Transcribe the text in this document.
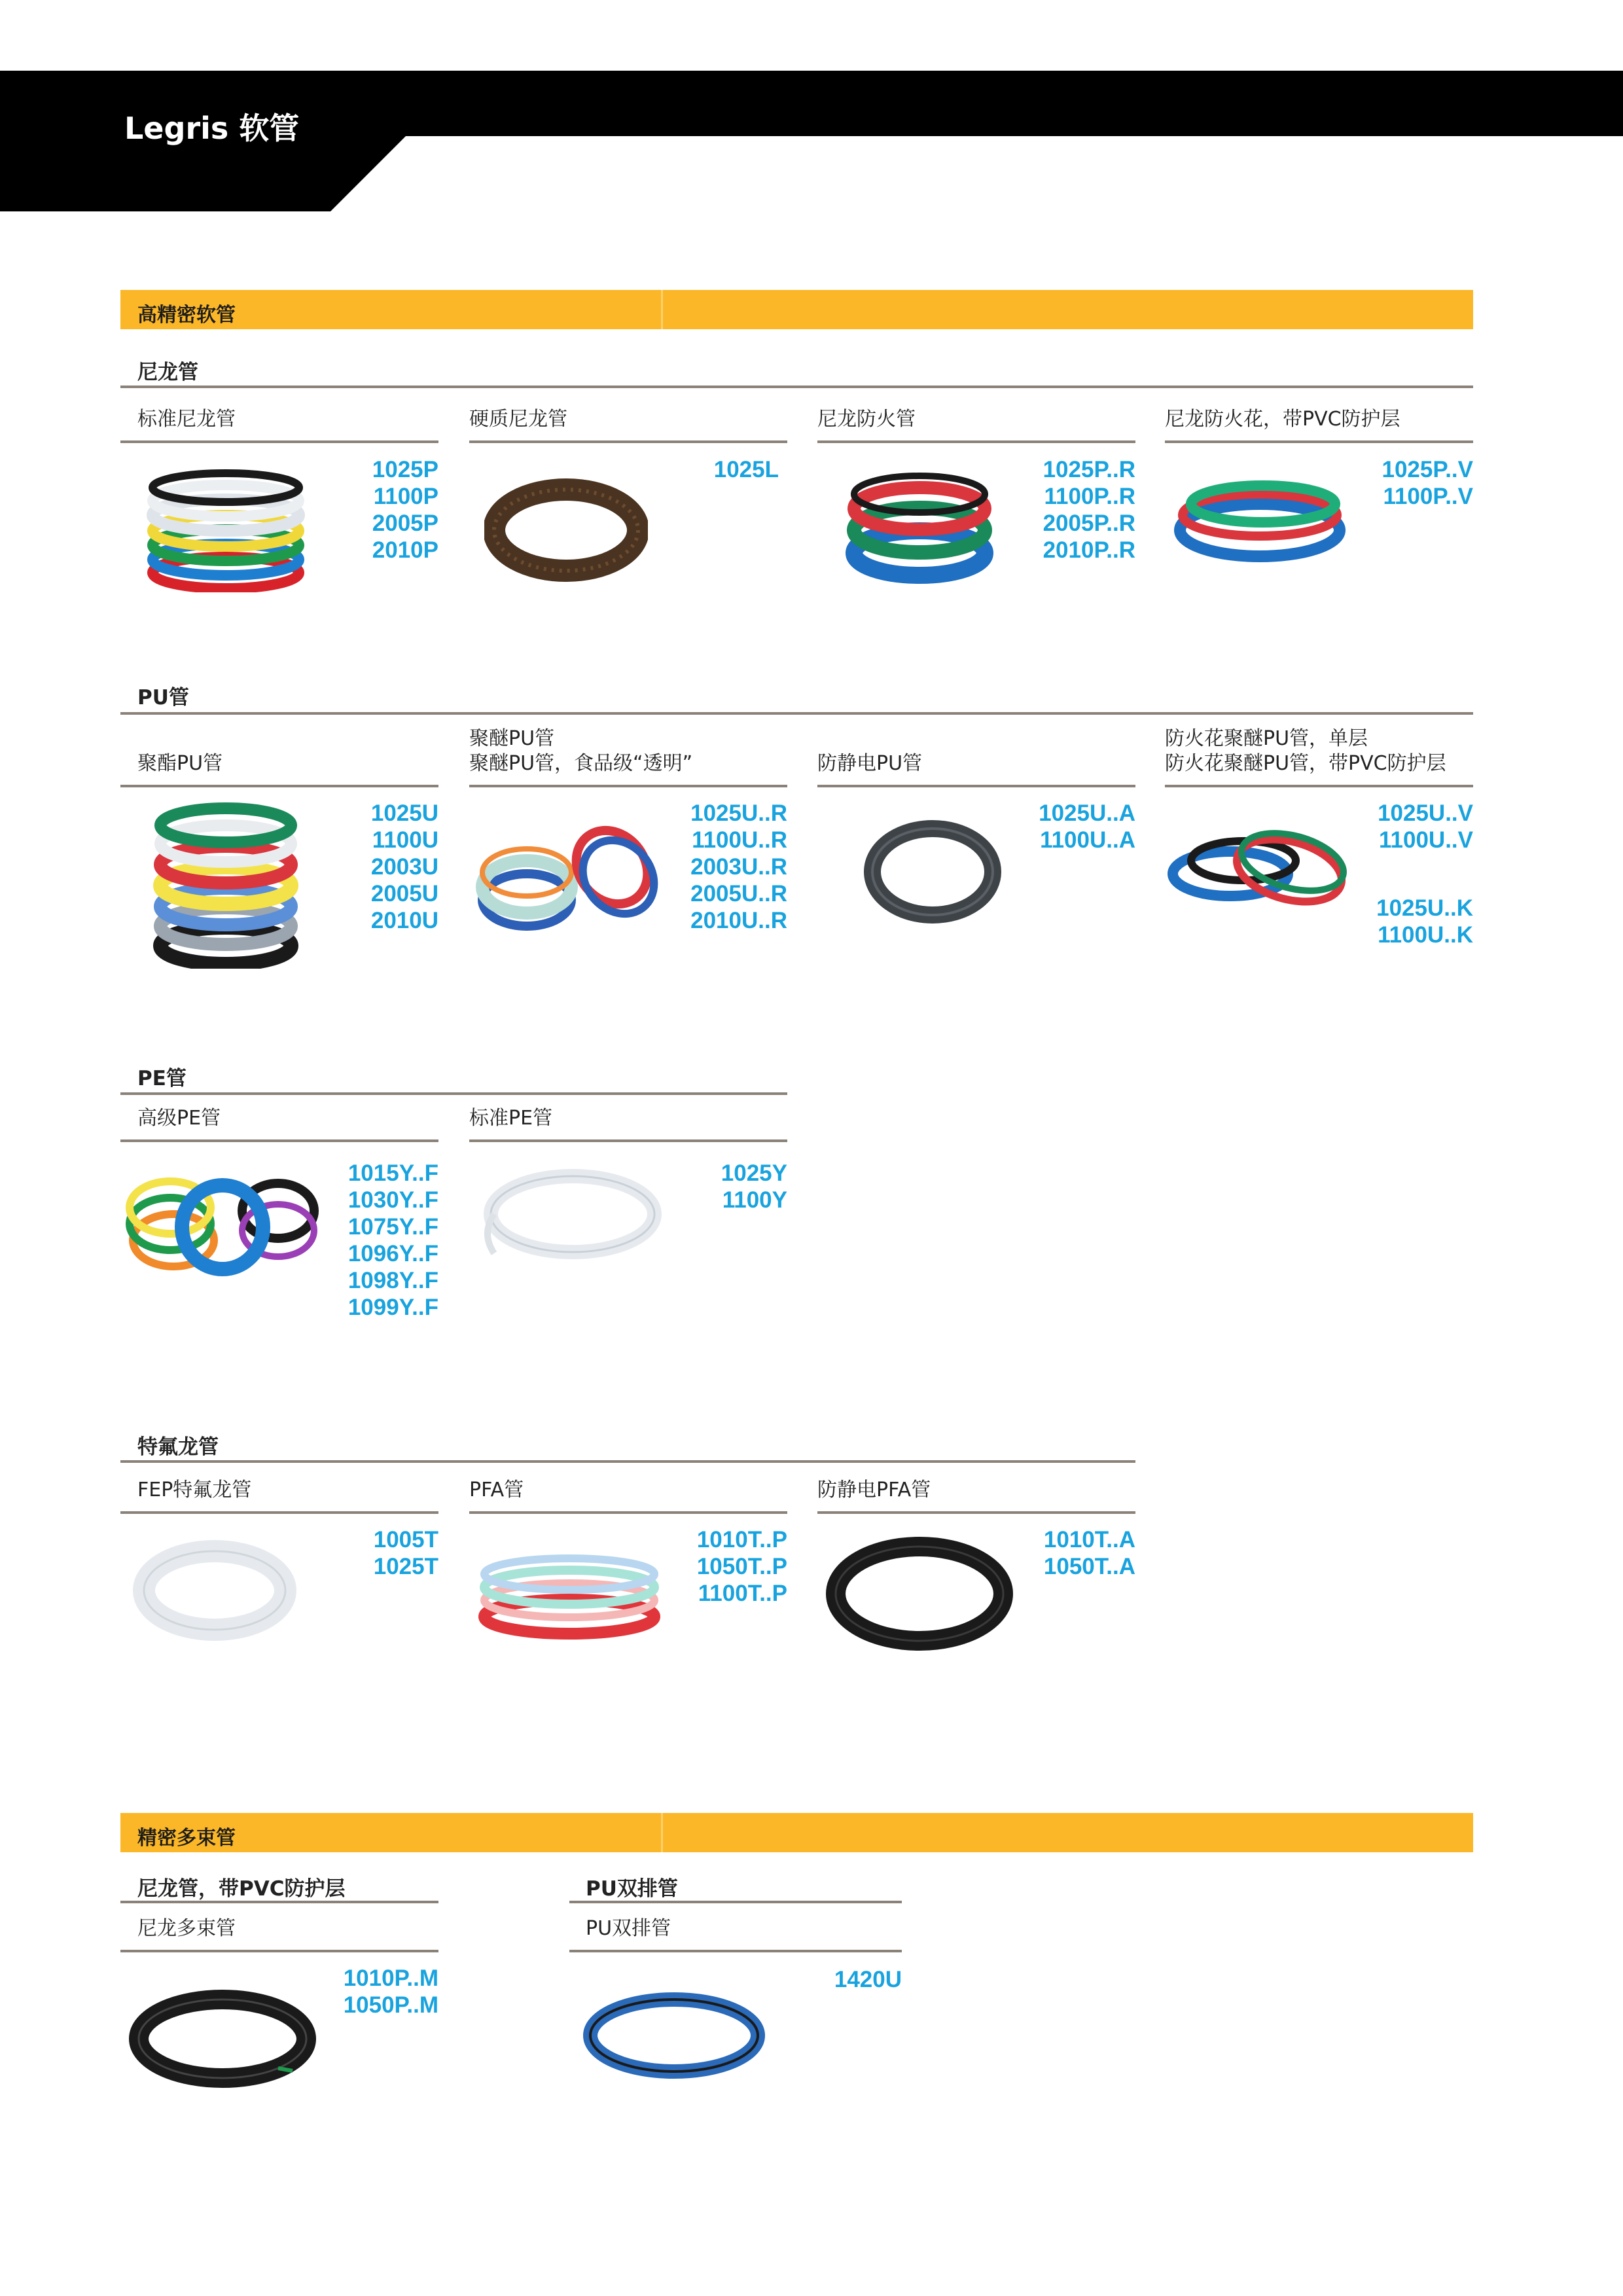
Legris 软管
高精密软管
尼龙管
标准尼龙管
1025P
1100P
2005P
2010P
硬质尼龙管
1025L
尼龙防火管
1025P..R
1100P..R
2005P..R
2010P..R
尼龙防火花，带PVC防护层
1025P..V
1100P..V
PU管
聚酯PU管
1025U
1100U
2003U
2005U
2010U
聚醚PU管
聚醚PU管，食品级“透明”
1025U..R
1100U..R
2003U..R
2005U..R
2010U..R
防静电PU管
1025U..A
1100U..A
防火花聚醚PU管，单层
防火花聚醚PU管，带PVC防护层
1025U..V
1100U..V
1025U..K
1100U..K
PE管
高级PE管
1015Y..F
1030Y..F
1075Y..F
1096Y..F
1098Y..F
1099Y..F
标准PE管
1025Y
1100Y
特氟龙管
FEP特氟龙管
1005T
1025T
PFA管
1010T..P
1050T..P
1100T..P
防静电PFA管
1010T..A
1050T..A
精密多束管
尼龙管，带PVC防护层
尼龙多束管
1010P..M
1050P..M
PU双排管
PU双排管
1420U
